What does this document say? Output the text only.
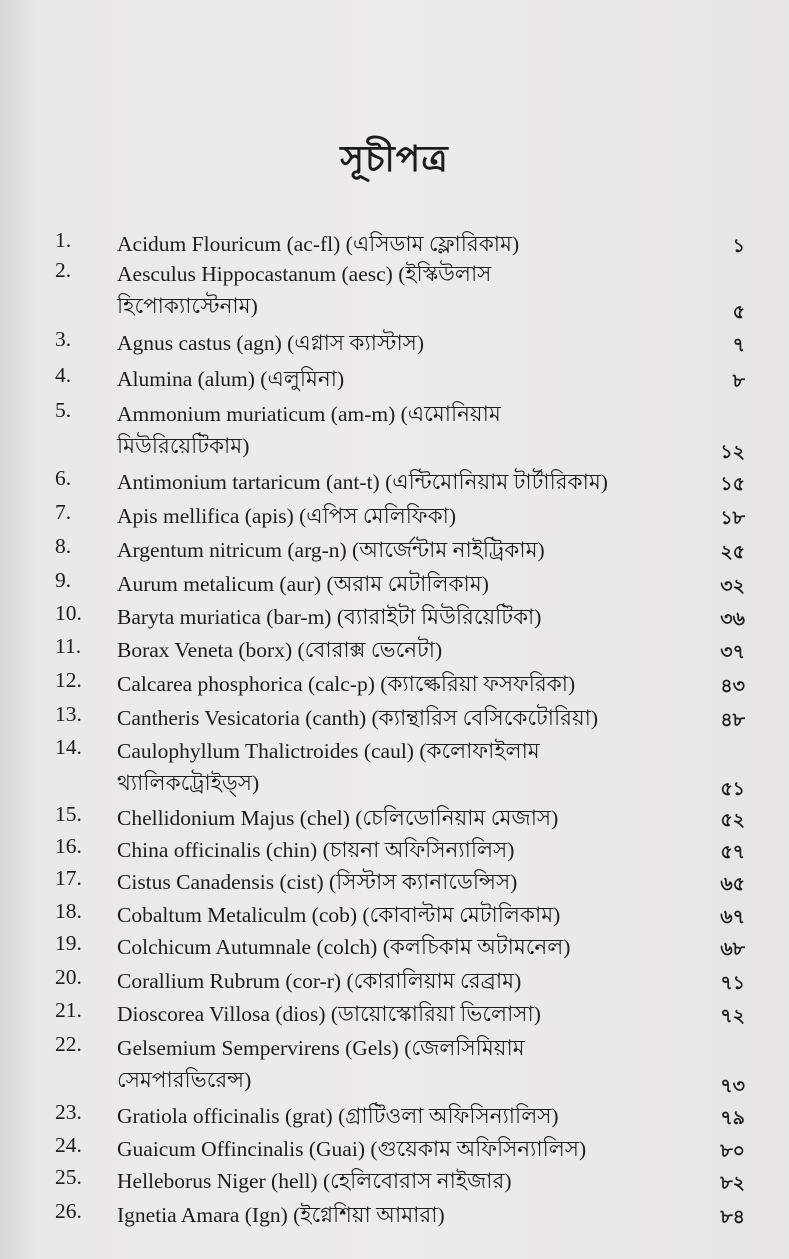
সূচীপত্র
1. Acidum Flouricum (ac-fl) (এসিডাম ফ্লোরিকাম)	১
2. Aesculus Hippocastanum (aesc) (ইস্কিউলাস
হিপোক্যাস্টেনাম)	৫
3. Agnus castus (agn) (এগ্নাস ক্যাস্টাস)	৭
4. Alumina (alum) (এলুমিনা)	৮
5. Ammonium muriaticum (am-m) (এমোনিয়াম
মিউরিয়েটিকাম)	১২
6. Antimonium tartaricum (ant-t) (এন্টিমোনিয়াম টার্টারিকাম)	১৫
7. Apis mellifica (apis) (এপিস মেলিফিকা)	১৮
8. Argentum nitricum (arg-n) (আর্জেন্টাম নাইট্রিকাম)	২৫
9. Aurum metalicum (aur) (অরাম মেটালিকাম)	৩২
10. Baryta muriatica (bar-m) (ব্যারাইটা মিউরিয়েটিকা)	৩৬
11. Borax Veneta (borx) (বোরাক্স ভেনেটা)	৩৭
12. Calcarea phosphorica (calc-p) (ক্যাল্কেরিয়া ফসফরিকা)	৪৩
13. Cantheris Vesicatoria (canth) (ক্যান্থারিস বেসিকেটোরিয়া)	৪৮
14. Caulophyllum Thalictroides (caul) (কলোফাইলাম
থ্যালিকট্রোইড্‌স)	৫১
15. Chellidonium Majus (chel) (চেলিডোনিয়াম মেজাস)	৫২
16. China officinalis (chin) (চায়না অফিসিন্যালিস)	৫৭
17. Cistus Canadensis (cist) (সিস্টাস ক্যানাডেন্সিস)	৬৫
18. Cobaltum Metaliculm (cob) (কোবাল্টাম মেটালিকাম)	৬৭
19. Colchicum Autumnale (colch) (কলচিকাম অটামনেল)	৬৮
20. Corallium Rubrum (cor-r) (কোরালিয়াম রেব্রাম)	৭১
21. Dioscorea Villosa (dios) (ডায়োস্কোরিয়া ভিলোসা)	৭২
22. Gelsemium Sempervirens (Gels) (জেলসিমিয়াম
সেমপারভিরেন্স)	৭৩
23. Gratiola officinalis (grat) (গ্রাটিওলা অফিসিন্যালিস)	৭৯
24. Guaicum Offincinalis (Guai) (গুয়েকাম অফিসিন্যালিস)	৮০
25. Helleborus Niger (hell) (হেলিবোরাস নাইজার)	৮২
26. Ignetia Amara (Ign) (ইগ্নেশিয়া আমারা)	৮৪
